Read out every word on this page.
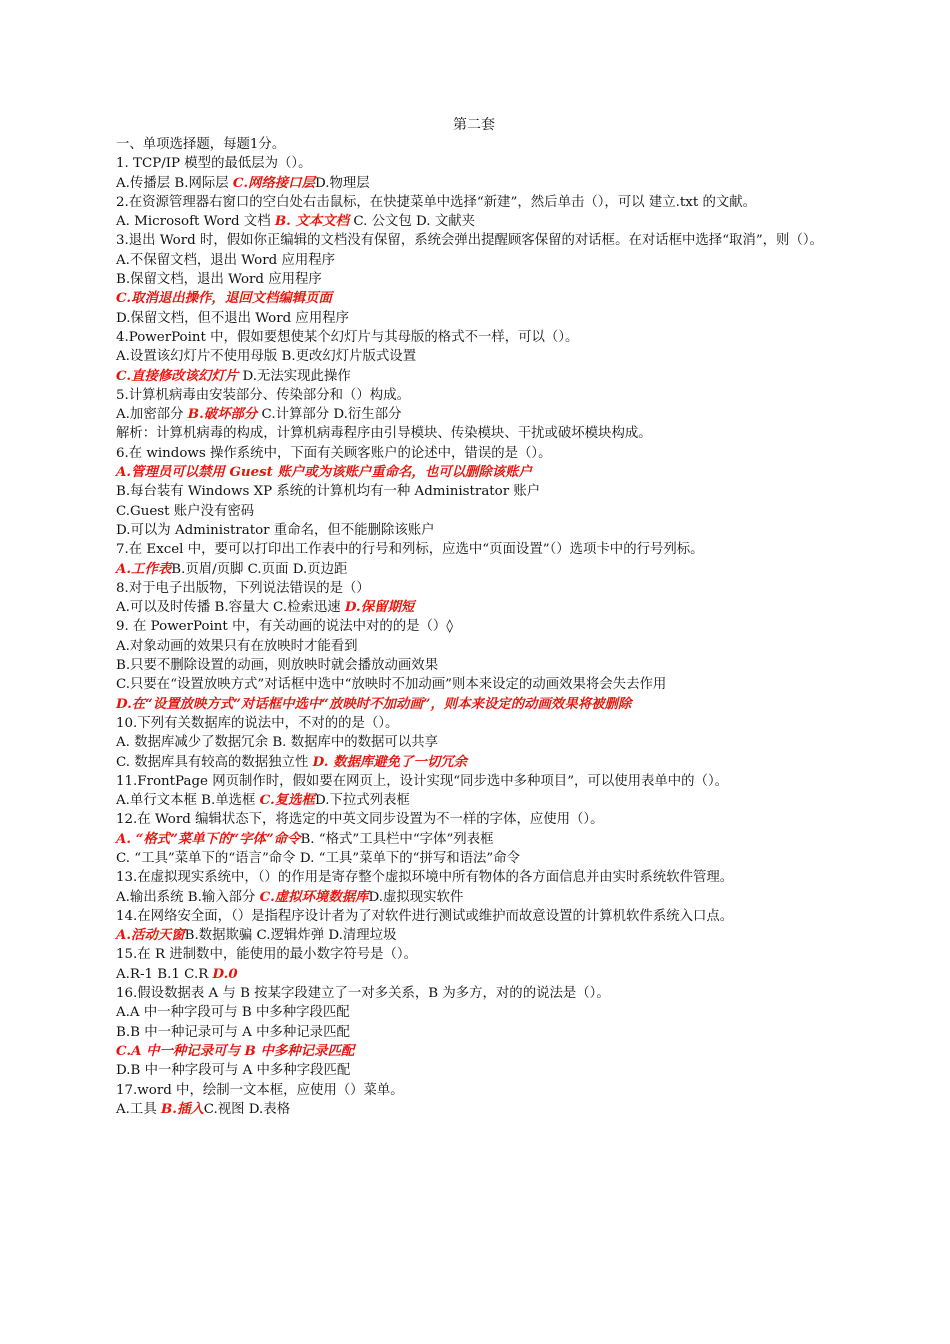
第二套

一、单项选择题，每题1分。

1. TCP/IP 模型的最低层为（）。

A.传播层 B.网际层 C.网络接口层D.物理层

2.在资源管理器右窗口的空白处右击鼠标，在快捷菜单中选择“新建”，然后单击（），可以 建立.txt 的文献。

A. Microsoft Word 文档 B. 文本文档 C. 公文包 D. 文献夹

3.退出 Word 时，假如你正编辑的文档没有保留，系统会弹出提醒顾客保留的对话框。在对话框中选择“取消”，则（）。

A.不保留文档，退出 Word 应用程序

B.保留文档，退出 Word 应用程序

C.取消退出操作，退回文档编辑页面

D.保留文档，但不退出 Word 应用程序

4.PowerPoint 中，假如要想使某个幻灯片与其母版的格式不一样，可以（）。

A.设置该幻灯片不使用母版 B.更改幻灯片版式设置

C.直接修改该幻灯片 D.无法实现此操作

5.计算机病毒由安装部分、传染部分和（）构成。

A.加密部分 B.破坏部分 C.计算部分 D.衍生部分

解析：计算机病毒的构成，计算机病毒程序由引导模块、传染模块、干扰或破坏模块构成。

6.在 windows 操作系统中，下面有关顾客账户的论述中，错误的是（）。

A.管理员可以禁用 Guest 账户或为该账户重命名，也可以删除该账户

B.每台装有 Windows XP 系统的计算机均有一种 Administrator 账户

C.Guest 账户没有密码

D.可以为 Administrator 重命名，但不能删除该账户

7.在 Excel 中，要可以打印出工作表中的行号和列标，应选中“页面设置”（）选项卡中的行号列标。

A.工作表B.页眉/页脚 C.页面 D.页边距

8.对于电子出版物，下列说法错误的是（）

A.可以及时传播 B.容量大 C.检索迅速 D.保留期短

9. 在 PowerPoint 中，有关动画的说法中对的的是（）◊

A.对象动画的效果只有在放映时才能看到

B.只要不删除设置的动画，则放映时就会播放动画效果

C.只要在“设置放映方式”对话框中选中“放映时不加动画”则本来设定的动画效果将会失去作用

D.在“设置放映方式”对话框中选中“放映时不加动画”，则本来设定的动画效果将被删除

10.下列有关数据库的说法中，不对的的是（）。

A. 数据库减少了数据冗余 B. 数据库中的数据可以共享

C. 数据库具有较高的数据独立性 D. 数据库避免了一切冗余

11.FrontPage 网页制作时，假如要在网页上，设计实现“同步选中多种项目”，可以使用表单中的（）。

A.单行文本框 B.单选框 C.复选框D.下拉式列表框

12.在 Word 编辑状态下，将选定的中英文同步设置为不一样的字体，应使用（）。

A. “格式”菜单下的“字体”命令B. “格式”工具栏中“字体”列表框

C. “工具”菜单下的“语言”命令 D. “工具”菜单下的“拼写和语法”命令

13.在虚拟现实系统中，（）的作用是寄存整个虚拟环境中所有物体的各方面信息并由实时系统软件管理。

A.输出系统 B.输入部分 C.虚拟环境数据库D.虚拟现实软件

14.在网络安全面，（）是指程序设计者为了对软件进行测试或维护而故意设置的计算机软件系统入口点。

A.活动天窗B.数据欺骗 C.逻辑炸弹 D.清理垃圾

15.在 R 进制数中，能使用的最小数字符号是（）。

A.R-1 B.1 C.R D.0

16.假设数据表 A 与 B 按某字段建立了一对多关系，B 为多方，对的的说法是（）。

A.A 中一种字段可与 B 中多种字段匹配

B.B 中一种记录可与 A 中多种记录匹配

C.A 中一种记录可与 B 中多种记录匹配

D.B 中一种字段可与 A 中多种字段匹配

17.word 中，绘制一文本框，应使用（）菜单。

A.工具 B.插入C.视图 D.表格
